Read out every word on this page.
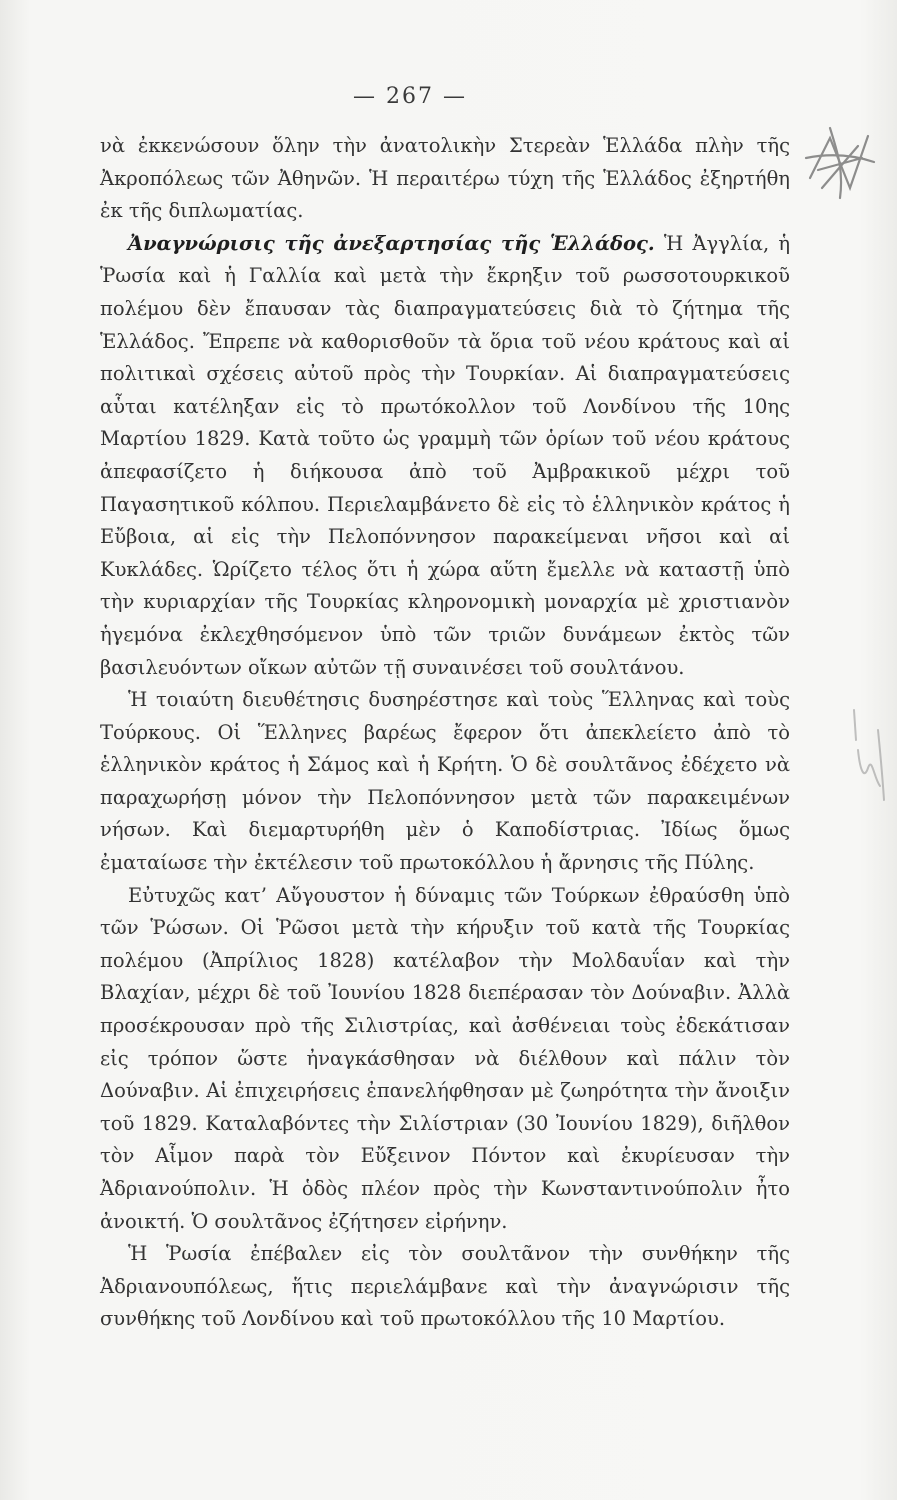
— 267 —

νὰ ἐκκενώσουν ὅλην τὴν ἀνατολικὴν Στερεὰν Ἑλλάδα πλὴν τῆς Ἀκροπόλεως τῶν Ἀθηνῶν. Ἡ περαιτέρω τύχη τῆς Ἑλλάδος ἐξηρτήθη ἐκ τῆς διπλωματίας.

Ἀναγνώρισις τῆς ἀνεξαρτησίας τῆς Ἑλλάδος. Ἡ Ἀγγλία, ἡ Ῥωσία καὶ ἡ Γαλλία καὶ μετὰ τὴν ἔκρηξιν τοῦ ρωσσοτουρκικοῦ πολέμου δὲν ἔπαυσαν τὰς διαπραγματεύσεις διὰ τὸ ζήτημα τῆς Ἑλλάδος. Ἔπρεπε νὰ καθορισθοῦν τὰ ὅρια τοῦ νέου κράτους καὶ αἱ πολιτικαὶ σχέσεις αὐτοῦ πρὸς τὴν Τουρκίαν. Αἱ διαπραγματεύσεις αὗται κατέληξαν εἰς τὸ πρωτόκολλον τοῦ Λονδίνου τῆς 10ης Μαρτίου 1829. Κατὰ τοῦτο ὡς γραμμὴ τῶν ὁρίων τοῦ νέου κράτους ἀπεφασίζετο ἡ διήκουσα ἀπὸ τοῦ Ἀμβρακικοῦ μέχρι τοῦ Παγασητικοῦ κόλπου. Περιελαμβάνετο δὲ εἰς τὸ ἑλληνικὸν κράτος ἡ Εὔβοια, αἱ εἰς τὴν Πελοπόννησον παρακείμεναι νῆσοι καὶ αἱ Κυκλάδες. Ὡρίζετο τέλος ὅτι ἡ χώρα αὕτη ἔμελλε νὰ καταστῇ ὑπὸ τὴν κυριαρχίαν τῆς Τουρκίας κληρονομικὴ μοναρχία μὲ χριστιανὸν ἡγεμόνα ἐκλεχθησόμενον ὑπὸ τῶν τριῶν δυνάμεων ἐκτὸς τῶν βασιλευόντων οἴκων αὐτῶν τῇ συναινέσει τοῦ σουλτάνου.

Ἡ τοιαύτη διευθέτησις δυσηρέστησε καὶ τοὺς Ἕλληνας καὶ τοὺς Τούρκους. Οἱ Ἕλληνες βαρέως ἔφερον ὅτι ἀπεκλείετο ἀπὸ τὸ ἑλληνικὸν κράτος ἡ Σάμος καὶ ἡ Κρήτη. Ὁ δὲ σουλτᾶνος ἐδέχετο νὰ παραχωρήσῃ μόνον τὴν Πελοπόννησον μετὰ τῶν παρακειμένων νήσων. Καὶ διεμαρτυρήθη μὲν ὁ Καποδίστριας. Ἰδίως ὅμως ἐματαίωσε τὴν ἐκτέλεσιν τοῦ πρωτοκόλλου ἡ ἄρνησις τῆς Πύλης.

Εὐτυχῶς κατ’ Αὔγουστον ἡ δύναμις τῶν Τούρκων ἐθραύσθη ὑπὸ τῶν Ῥώσων. Οἱ Ῥῶσοι μετὰ τὴν κήρυξιν τοῦ κατὰ τῆς Τουρκίας πολέμου (Ἀπρίλιος 1828) κατέλαβον τὴν Μολδαυΐαν καὶ τὴν Βλαχίαν, μέχρι δὲ τοῦ Ἰουνίου 1828 διεπέρασαν τὸν Δούναβιν. Ἀλλὰ προσέκρουσαν πρὸ τῆς Σιλιστρίας, καὶ ἀσθένειαι τοὺς ἐδεκάτισαν εἰς τρόπον ὥστε ἠναγκάσθησαν νὰ διέλθουν καὶ πάλιν τὸν Δούναβιν. Αἱ ἐπιχειρήσεις ἐπανελήφθησαν μὲ ζωηρότητα τὴν ἄνοιξιν τοῦ 1829. Καταλαβόντες τὴν Σιλίστριαν (30 Ἰουνίου 1829), διῆλθον τὸν Αἷμον παρὰ τὸν Εὔξεινον Πόντον καὶ ἐκυρίευσαν τὴν Ἀδριανούπολιν. Ἡ ὁδὸς πλέον πρὸς τὴν Κωνσταντινούπολιν ἦτο ἀνοικτή. Ὁ σουλτᾶνος ἐζήτησεν εἰρήνην.

Ἡ Ῥωσία ἐπέβαλεν εἰς τὸν σουλτᾶνον τὴν συνθήκην τῆς Ἀδριανουπόλεως, ἥτις περιελάμβανε καὶ τὴν ἀναγνώρισιν τῆς συνθήκης τοῦ Λονδίνου καὶ τοῦ πρωτοκόλλου τῆς 10 Μαρτίου.
